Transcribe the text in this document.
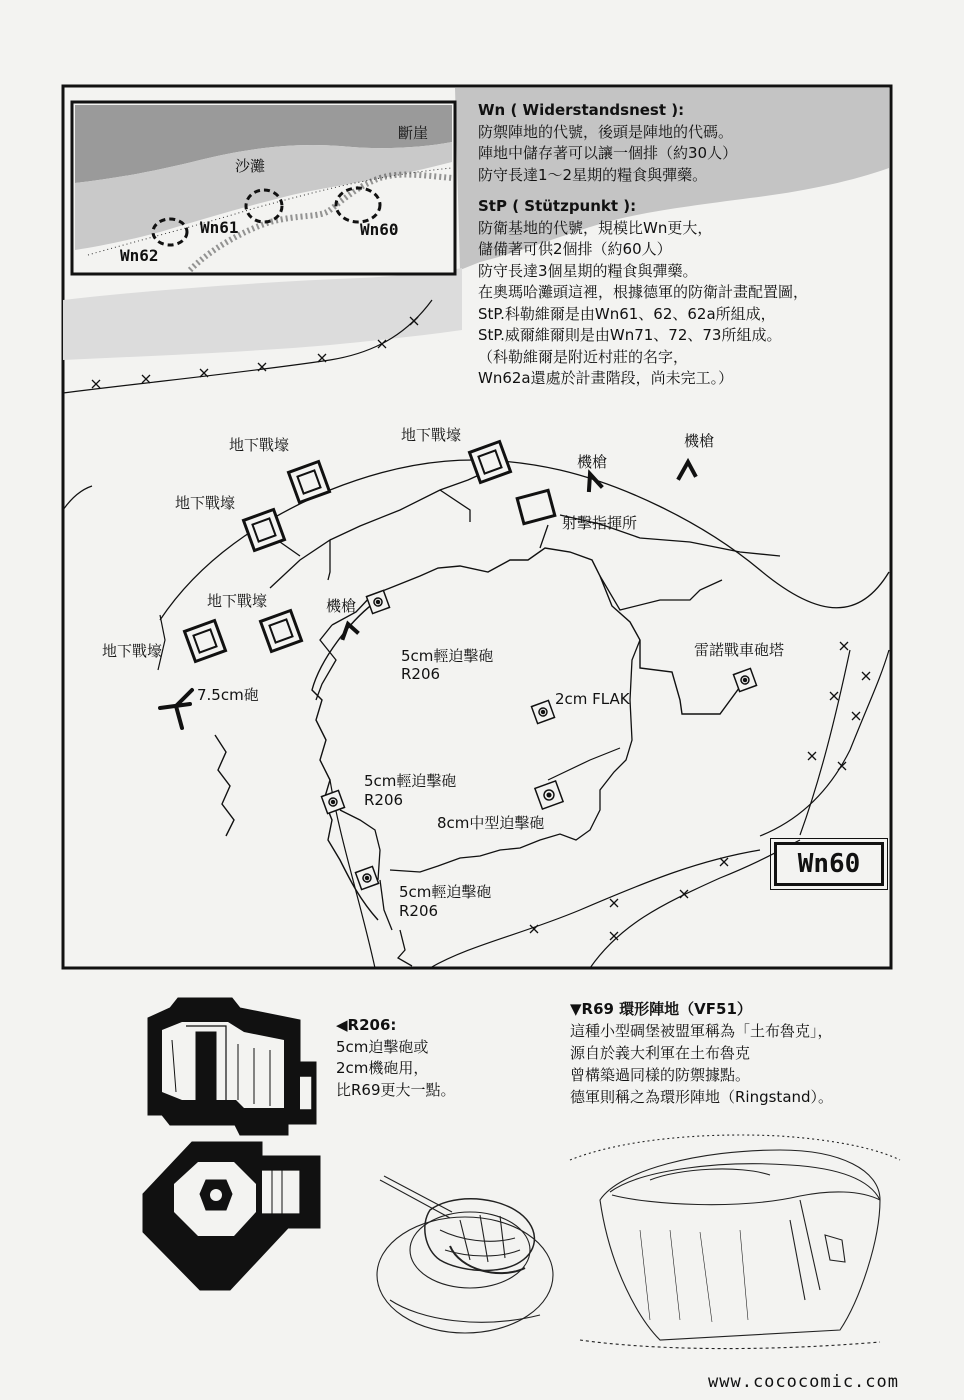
斷崖
沙灘
Wn62
Wn61	Wn60
Wn ( Widerstandsnest ):
防禦陣地的代號，後頭是陣地的代碼。
陣地中儲存著可以讓一個排（約30人）
防守長達1～2星期的糧食與彈藥。
StP ( Stützpunkt ):
防衛基地的代號，規模比Wn更大，
儲備著可供2個排（約60人）
防守長達3個星期的糧食與彈藥。
在奧瑪哈灘頭這裡，根據德軍的防衛計畫配置圖，
StP.科勒維爾是由Wn61、62、62a所組成，
StP.威爾維爾則是由Wn71、72、73所組成。
（科勒維爾是附近村莊的名字，
Wn62a還處於計畫階段，尚未完工。）
地下戰壕
地下戰壕
地下戰壕
地下戰壕
地下戰壕
機槍
機槍
機槍
射擊指揮所
雷諾戰車砲塔
7.5cm砲	2cm FLAK
8cm中型迫擊砲
5cm輕迫擊砲
R206
5cm輕迫擊砲
R206
5cm輕迫擊砲
R206
Wn60
◀R206:
5cm迫擊砲或
2cm機砲用，
比R69更大一點。
▼R69 環形陣地（VF51）
這種小型碉堡被盟軍稱為「土布魯克」，
源自於義大利軍在土布魯克
曾構築過同樣的防禦據點。
德軍則稱之為環形陣地（Ringstand）。
www.cococomic.com
